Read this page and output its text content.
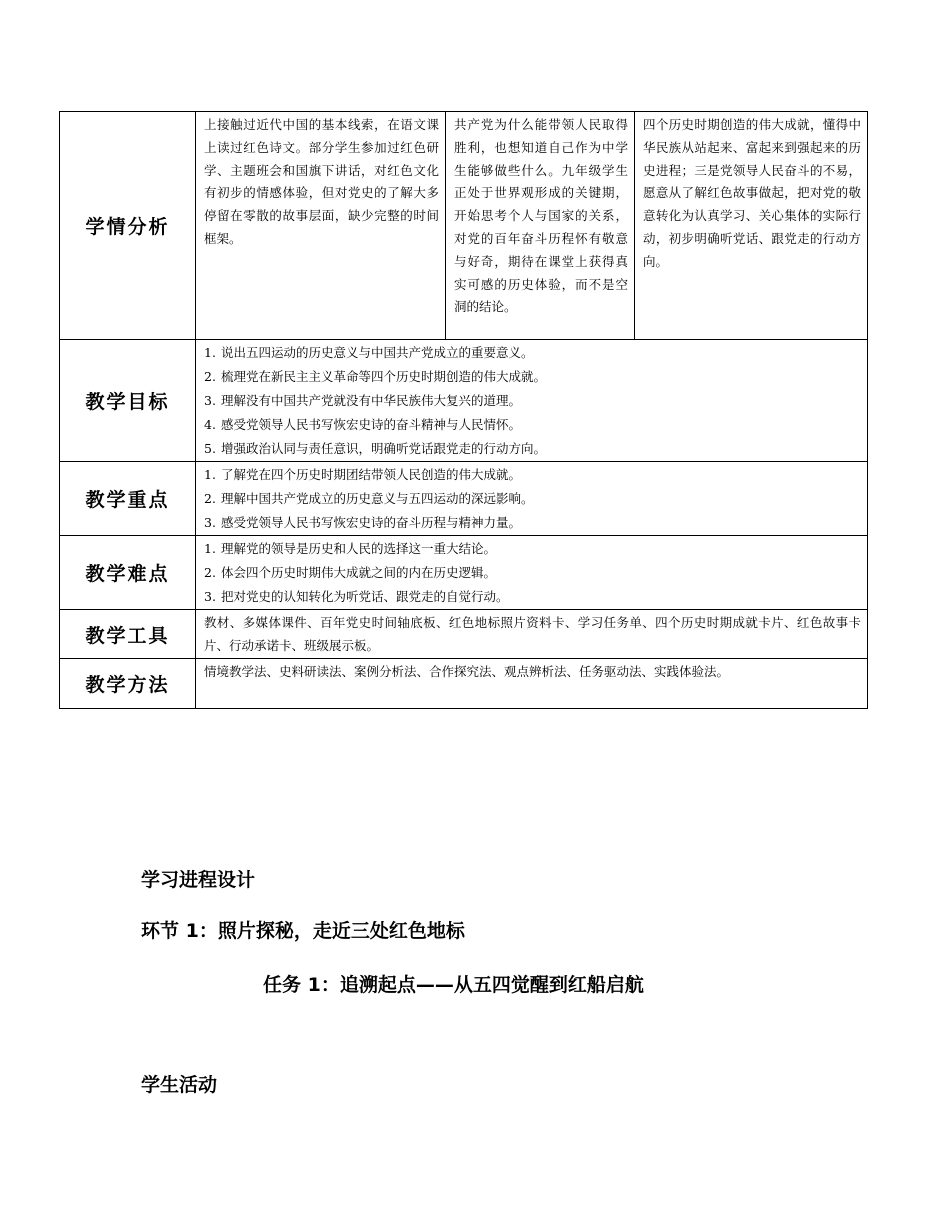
学情分析	上接触过近代中国的基本线索，在语文课上读过红色诗文。部分学生参加过红色研学、主题班会和国旗下讲话，对红色文化有初步的情感体验，但对党史的了解大多停留在零散的故事层面，缺少完整的时间框架。	共产党为什么能带领人民取得胜利，也想知道自己作为中学生能够做些什么。九年级学生正处于世界观形成的关键期，开始思考个人与国家的关系，对党的百年奋斗历程怀有敬意与好奇，期待在课堂上获得真实可感的历史体验，而不是空洞的结论。	四个历史时期创造的伟大成就，懂得中华民族从站起来、富起来到强起来的历史进程；三是党领导人民奋斗的不易，愿意从了解红色故事做起，把对党的敬意转化为认真学习、关心集体的实际行动，初步明确听党话、跟党走的行动方向。

教学目标	1. 说出五四运动的历史意义与中国共产党成立的重要意义。
2. 梳理党在新民主主义革命等四个历史时期创造的伟大成就。
3. 理解没有中国共产党就没有中华民族伟大复兴的道理。
4. 感受党领导人民书写恢宏史诗的奋斗精神与人民情怀。
5. 增强政治认同与责任意识，明确听党话跟党走的行动方向。		

教学重点	1. 了解党在四个历史时期团结带领人民创造的伟大成就。
2. 理解中国共产党成立的历史意义与五四运动的深远影响。
3. 感受党领导人民书写恢宏史诗的奋斗历程与精神力量。		

教学难点	1. 理解党的领导是历史和人民的选择这一重大结论。
2. 体会四个历史时期伟大成就之间的内在历史逻辑。
3. 把对党史的认知转化为听党话、跟党走的自觉行动。		

教学工具	教材、多媒体课件、百年党史时间轴底板、红色地标照片资料卡、学习任务单、四个历史时期成就卡片、红色故事卡片、行动承诺卡、班级展示板。		

教学方法	情境教学法、史料研读法、案例分析法、合作探究法、观点辨析法、任务驱动法、实践体验法。		
学习进程设计
环节 1：照片探秘，走近三处红色地标
任务 1：追溯起点——从五四觉醒到红船启航
学生活动
